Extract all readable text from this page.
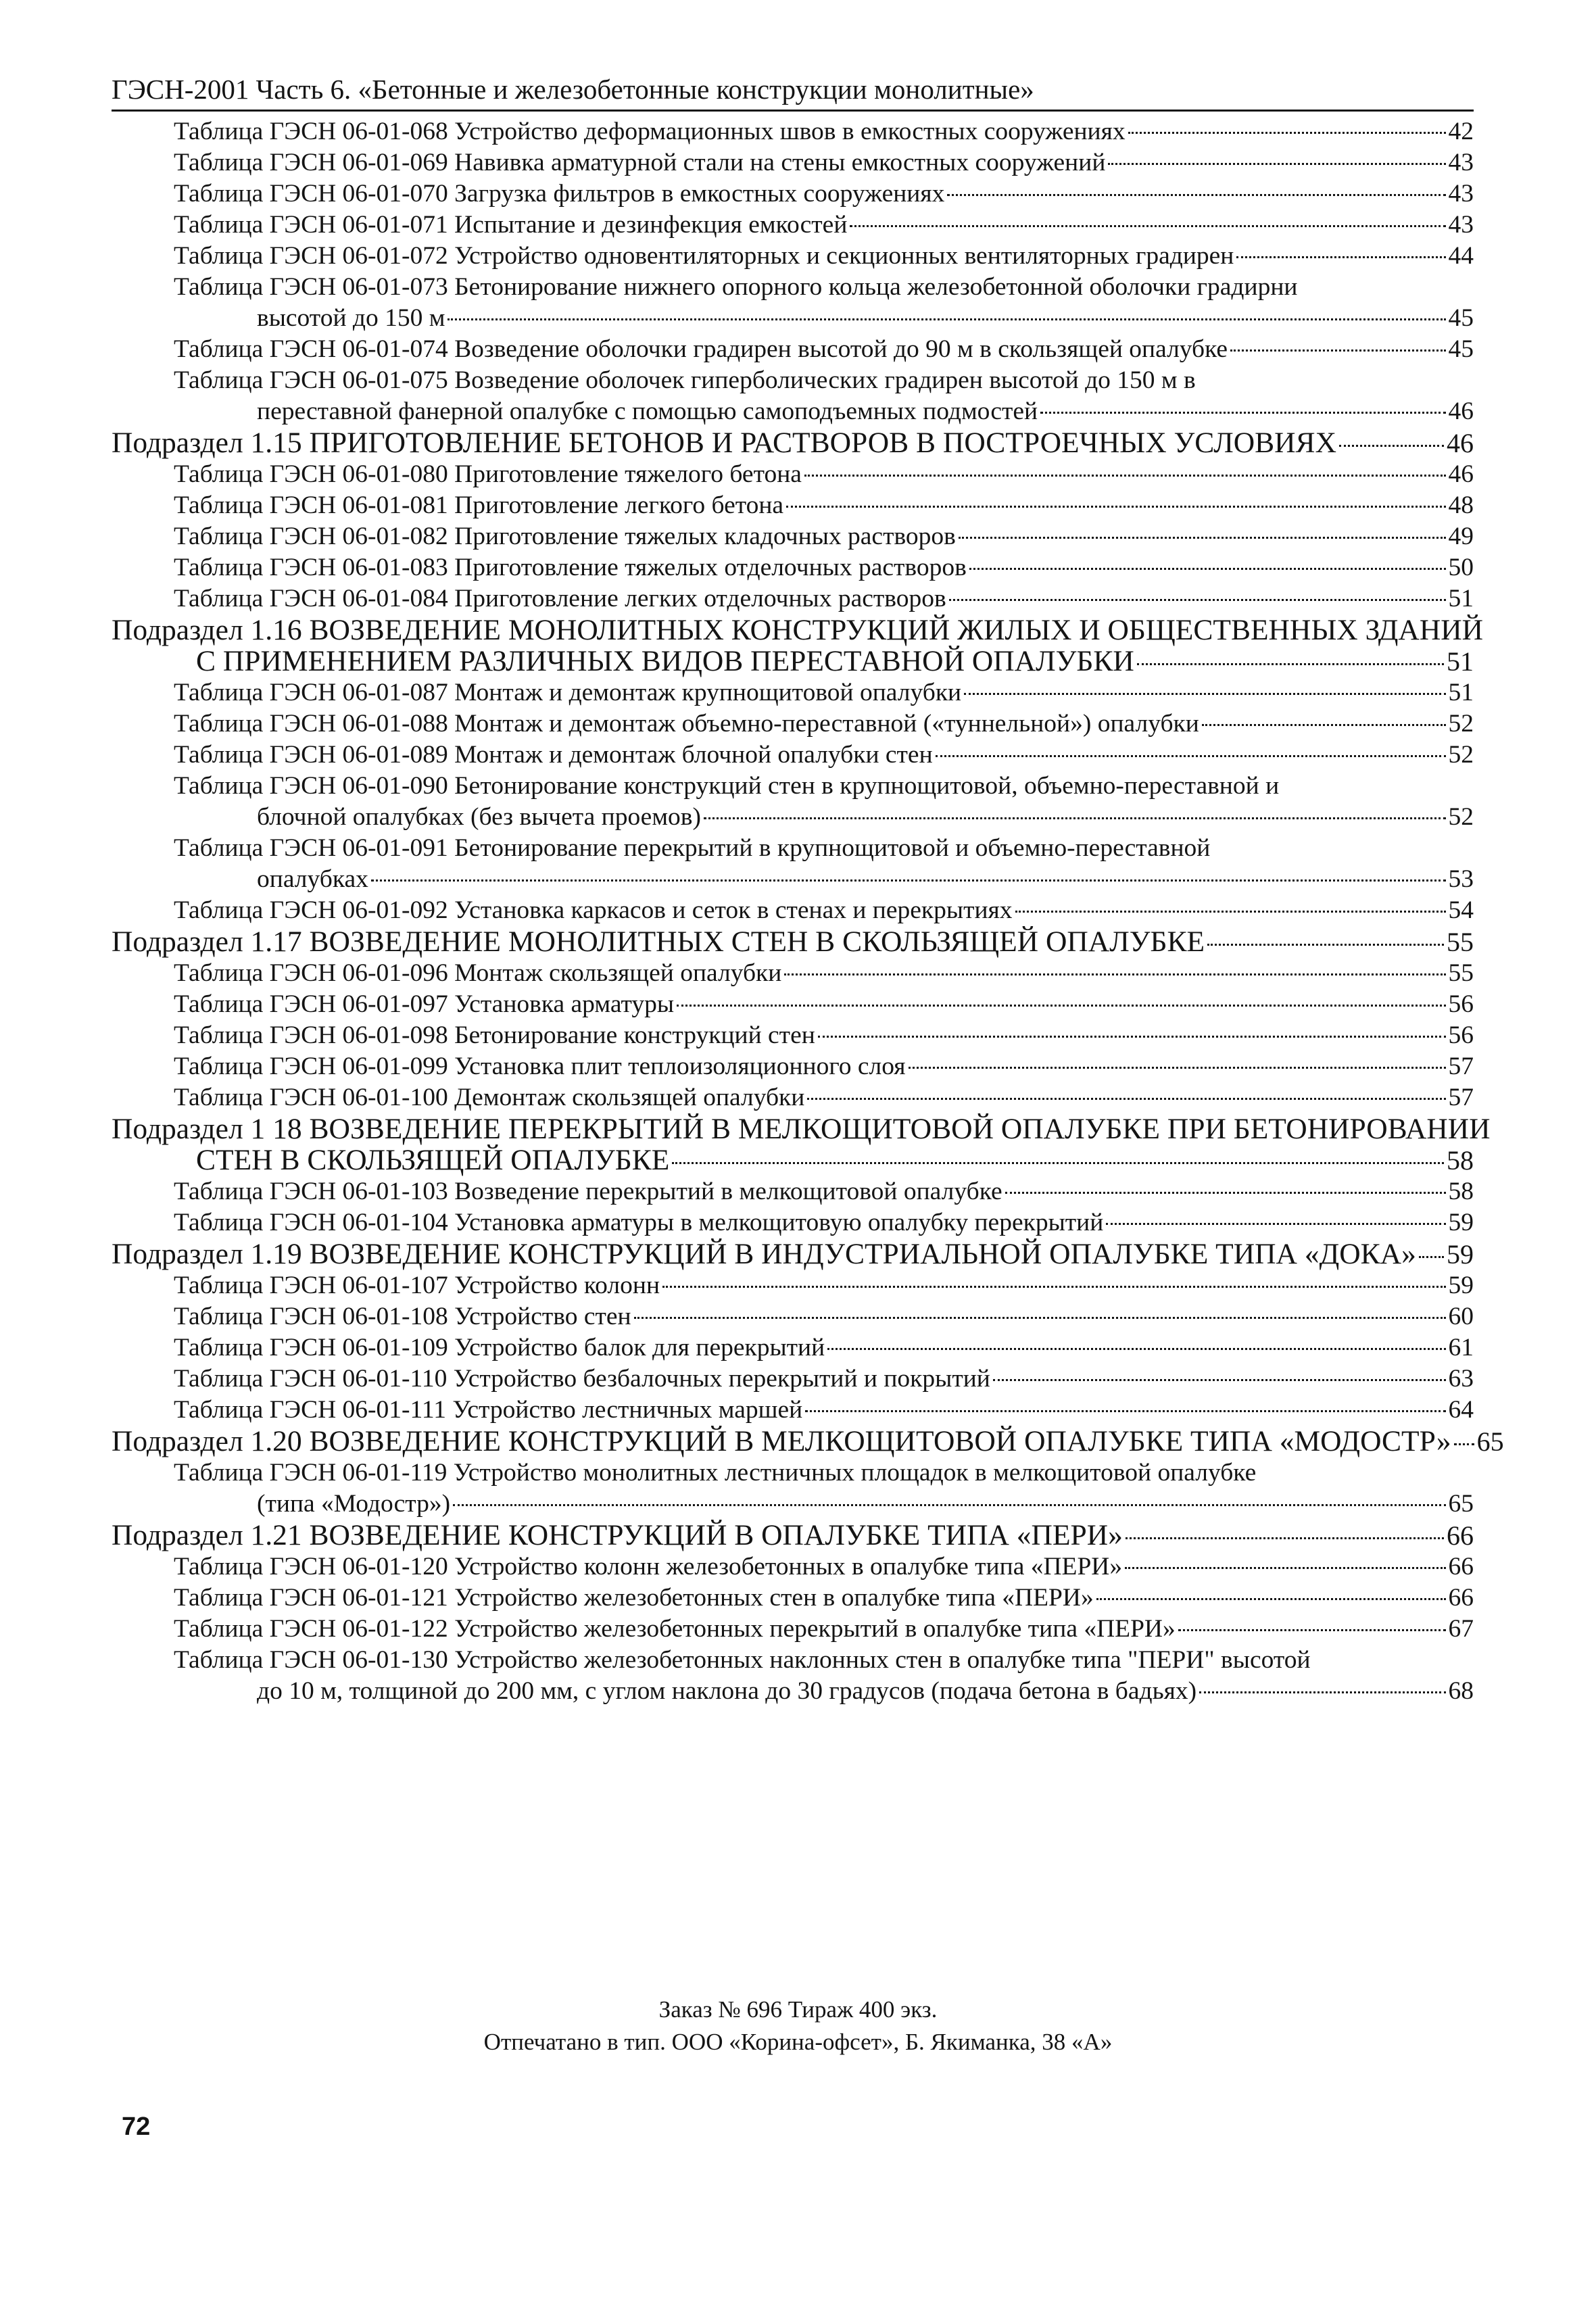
ГЭСН-2001 Часть 6. «Бетонные и железобетонные конструкции монолитные»
Таблица ГЭСН 06-01-068 Устройство деформационных швов в емкостных сооружениях	42
Таблица ГЭСН 06-01-069 Навивка арматурной стали на стены емкостных сооружений	43
Таблица ГЭСН 06-01-070 Загрузка фильтров в емкостных сооружениях	43
Таблица ГЭСН 06-01-071 Испытание и дезинфекция емкостей	43
Таблица ГЭСН 06-01-072 Устройство одновентиляторных и секционных вентиляторных градирен	44
Таблица ГЭСН 06-01-073 Бетонирование нижнего опорного кольца железобетонной оболочки градирни
высотой до 150 м	45
Таблица ГЭСН 06-01-074 Возведение оболочки градирен высотой до 90 м в скользящей опалубке	45
Таблица ГЭСН 06-01-075 Возведение оболочек гиперболических градирен высотой до 150 м в
переставной фанерной опалубке с помощью самоподъемных подмостей	46
Подраздел 1.15 ПРИГОТОВЛЕНИЕ БЕТОНОВ И РАСТВОРОВ В ПОСТРОЕЧНЫХ УСЛОВИЯХ	46
Таблица ГЭСН 06-01-080 Приготовление тяжелого бетона	46
Таблица ГЭСН 06-01-081 Приготовление легкого бетона	48
Таблица ГЭСН 06-01-082 Приготовление тяжелых кладочных растворов	49
Таблица ГЭСН 06-01-083 Приготовление тяжелых отделочных растворов	50
Таблица ГЭСН 06-01-084 Приготовление легких отделочных растворов	51
Подраздел 1.16 ВОЗВЕДЕНИЕ МОНОЛИТНЫХ КОНСТРУКЦИЙ ЖИЛЫХ И ОБЩЕСТВЕННЫХ ЗДАНИЙ
С ПРИМЕНЕНИЕМ РАЗЛИЧНЫХ ВИДОВ ПЕРЕСТАВНОЙ ОПАЛУБКИ	51
Таблица ГЭСН 06-01-087 Монтаж и демонтаж крупнощитовой опалубки	51
Таблица ГЭСН 06-01-088 Монтаж и демонтаж объемно-переставной («туннельной») опалубки	52
Таблица ГЭСН 06-01-089 Монтаж и демонтаж блочной опалубки стен	52
Таблица ГЭСН 06-01-090 Бетонирование конструкций стен в крупнощитовой, объемно-переставной и
блочной опалубках (без вычета проемов)	52
Таблица ГЭСН 06-01-091 Бетонирование перекрытий в крупнощитовой и объемно-переставной
опалубках	53
Таблица ГЭСН 06-01-092 Установка каркасов и сеток в стенах и перекрытиях	54
Подраздел 1.17 ВОЗВЕДЕНИЕ МОНОЛИТНЫХ СТЕН В СКОЛЬЗЯЩЕЙ ОПАЛУБКЕ	55
Таблица ГЭСН 06-01-096 Монтаж скользящей опалубки	55
Таблица ГЭСН 06-01-097 Установка арматуры	56
Таблица ГЭСН 06-01-098 Бетонирование конструкций стен	56
Таблица ГЭСН 06-01-099 Установка плит теплоизоляционного слоя	57
Таблица ГЭСН 06-01-100 Демонтаж скользящей опалубки	57
Подраздел 1 18 ВОЗВЕДЕНИЕ ПЕРЕКРЫТИЙ В МЕЛКОЩИТОВОЙ ОПАЛУБКЕ ПРИ БЕТОНИРОВАНИИ
СТЕН В СКОЛЬЗЯЩЕЙ ОПАЛУБКЕ	58
Таблица ГЭСН 06-01-103 Возведение перекрытий в мелкощитовой опалубке	58
Таблица ГЭСН 06-01-104 Установка арматуры в мелкощитовую опалубку перекрытий	59
Подраздел 1.19 ВОЗВЕДЕНИЕ КОНСТРУКЦИЙ В ИНДУСТРИАЛЬНОЙ ОПАЛУБКЕ ТИПА «ДОКА» 59
Таблица ГЭСН 06-01-107 Устройство колонн	59
Таблица ГЭСН 06-01-108 Устройство стен	60
Таблица ГЭСН 06-01-109 Устройство балок для перекрытий	61
Таблица ГЭСН 06-01-110 Устройство безбалочных перекрытий и покрытий	63
Таблица ГЭСН 06-01-111 Устройство лестничных маршей	64
Подраздел 1.20 ВОЗВЕДЕНИЕ КОНСТРУКЦИЙ В МЕЛКОЩИТОВОЙ ОПАЛУБКЕ ТИПА «МОДОСТР» 65
Таблица ГЭСН 06-01-119 Устройство монолитных лестничных площадок в мелкощитовой опалубке
(типа «Модостр»)	65
Подраздел 1.21 ВОЗВЕДЕНИЕ КОНСТРУКЦИЙ В ОПАЛУБКЕ ТИПА «ПЕРИ»	66
Таблица ГЭСН 06-01-120 Устройство колонн железобетонных в опалубке типа «ПЕРИ»	66
Таблица ГЭСН 06-01-121 Устройство железобетонных стен в опалубке типа «ПЕРИ»	66
Таблица ГЭСН 06-01-122 Устройство железобетонных перекрытий в опалубке типа «ПЕРИ»	67
Таблица ГЭСН 06-01-130 Устройство железобетонных наклонных стен в опалубке типа "ПЕРИ" высотой
до 10 м, толщиной до 200 мм, с углом наклона до 30 градусов (подача бетона в бадьях)	68
Заказ № 696 Тираж 400 экз.
Отпечатано в тип. ООО «Корина-офсет», Б. Якиманка, 38 «А»
72
